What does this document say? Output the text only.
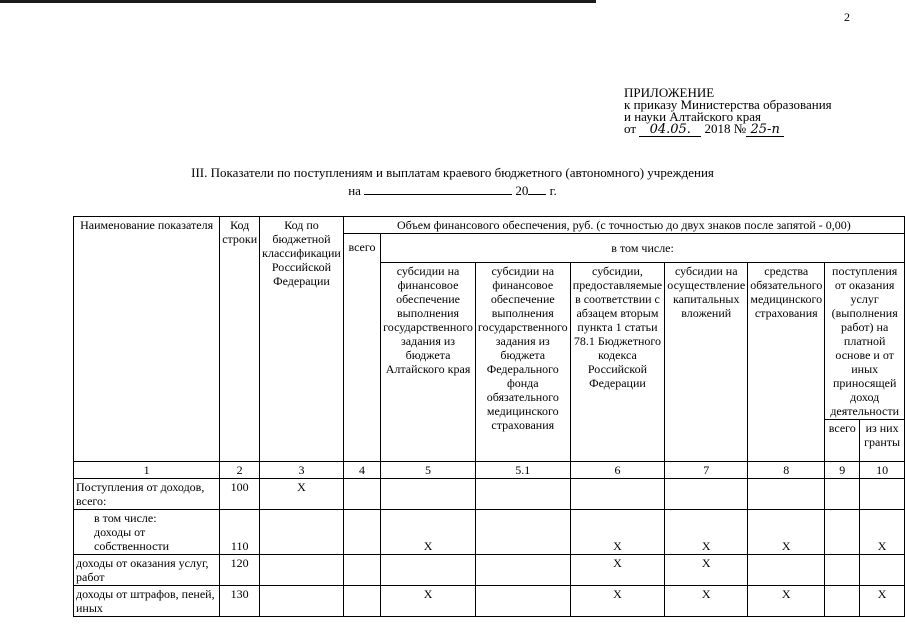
2
ПРИЛОЖЕНИЕ
к приказу Министерства образования
и науки Алтайского края
от 04.05. 2018 № 25-п
III. Показатели по поступлениям и выплатам краевого бюджетного (автономного) учреждения
на	20 г.
Наименование показателя	Код строки	Код по бюджетной классификации Российской Федерации	Объем финансового обеспечения, руб. (с точностью до двух знаков после запятой - 0,00)							
			всего	в том числе:						
				субсидии на финансовое обеспечение выполнения государственного задания из бюджета Алтайского края	субсидии на финансовое обеспечение выполнения государственного задания из бюджета Федерального фонда обязательного медицинского страхования	субсидии, предоставляемые в соответствии с абзацем вторым пункта 1 статьи 78.1 Бюджетного кодекса Российской Федерации	субсидии на осуществление капитальных вложений	средства обязательного медицинского страхования	поступления от оказания услуг (выполнения работ) на платной основе и от иных приносящей доход деятельности	
									всего	из них гранты
1	2	3	4	5	5.1	6	7	8	9	10
Поступления от доходов, всего:	100	X								

в том числе:
доходы от собственности	110			X		X	X	X		X
доходы от оказания услуг, работ	120					X	X			
доходы от штрафов, пеней, иных	130			X		X	X	X		X
